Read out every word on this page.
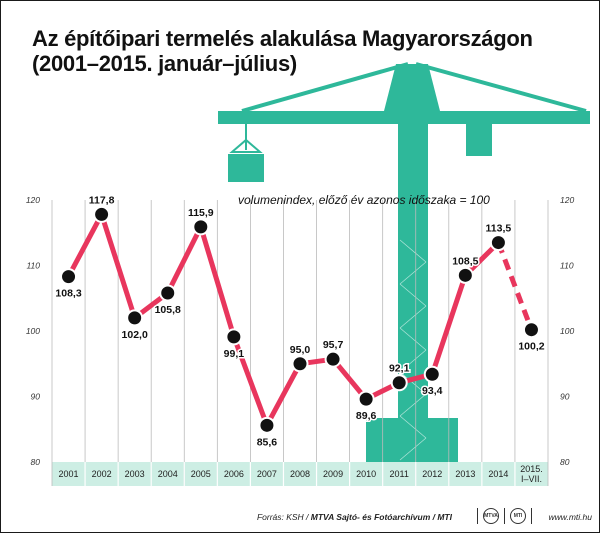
Az építőipari termelés alakulása Magyarországon
(2001–2015. január–július)
80	80
90	90
100	100
110	110
120	120
2001 2002 2003 2004 2005 2006 2007 2008 2009 2010 2011 2012 2013 2014 2015. I–VII.
108,3
117,8
102,0
105,8
115,9
99,1
85,6
95,0 95,7
89,6
92,1
93,4
108,5
113,5
100,2
volumenindex, előző év azonos időszaka = 100
Forrás: KSH / MTVA Sajtó- és Fotóarchívum / MTI	MTVA	MTI	www.mti.hu
